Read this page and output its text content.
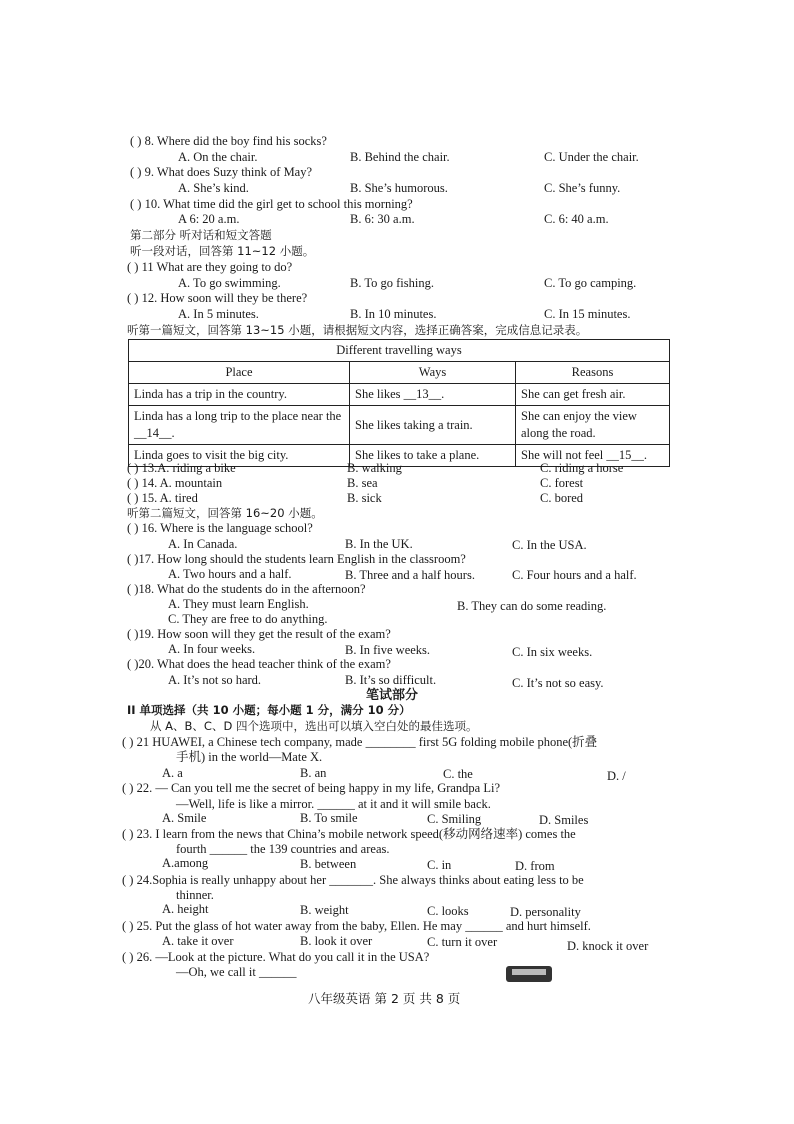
( ) 8. Where did the boy find his socks?
A. On the chair.	B. Behind the chair.	C. Under the chair.
( ) 9. What does Suzy think of May?
A. She’s kind.	B. She’s humorous.	C. She’s funny.
( ) 10. What time did the girl get to school this morning?
A 6: 20 a.m.	B. 6: 30 a.m.	C. 6: 40 a.m.
第二部分 听对话和短文答题
听一段对话，回答第 11~12 小题。
( ) 11 What are they going to do?
A. To go swimming.	B. To go fishing.	C. To go camping.
( ) 12. How soon will they be there?
A. In 5 minutes.	B. In 10 minutes.	C. In 15 minutes.
听第一篇短文，回答第 13~15 小题，请根据短文内容，选择正确答案，完成信息记录表。
Different travelling ways		
Place	Ways	Reasons
Linda has a trip in the country.	She likes __13__.	She can get fresh air.
Linda has a long trip to the place near the __14__.	She likes taking a train.	She can enjoy the view along the road.
Linda goes to visit the big city.	She likes to take a plane.	She will not feel __15__.
( ) 13.A. riding a bike	B. walking	C. riding a horse
( ) 14. A. mountain	B. sea	C. forest
( ) 15. A. tired	B. sick	C. bored
听第二篇短文，回答第 16~20 小题。
( ) 16. Where is the language school?
A. In Canada.	B. In the UK.	C. In the USA.
( )17. How long should the students learn English in the classroom?
A. Two hours and a half.	B. Three and a half hours.	C. Four hours and a half.
( )18. What do the students do in the afternoon?
A. They must learn English.	B. They can do some reading.
C. They are free to do anything.
( )19. How soon will they get the result of the exam?
A. In four weeks.	B. In five weeks.	C. In six weeks.
( )20. What does the head teacher think of the exam?
A. It’s not so hard.	B. It’s so difficult.	C. It’s not so easy.
笔试部分
II 单项选择（共 10 小题；每小题 1 分，满分 10 分）
从 A、B、C、D 四个选项中，选出可以填入空白处的最佳选项。
( ) 21 HUAWEI, a Chinese tech company, made ________ first 5G folding mobile phone(折叠
手机) in the world—Mate X.
A. a	B. an	C. the	D. /
( ) 22. — Can you tell me the secret of being happy in my life, Grandpa Li?
—Well, life is like a mirror. ______ at it and it will smile back.
A. Smile	B. To smile	C. Smiling	D. Smiles
( ) 23. I learn from the news that China’s mobile network speed(移动网络速率) comes the
fourth ______ the 139 countries and areas.
A.among	B. between	C. in	D. from
( ) 24.Sophia is really unhappy about her _______. She always thinks about eating less to be
thinner.
A. height	B. weight	C. looks	D. personality
( ) 25. Put the glass of hot water away from the baby, Ellen. He may ______ and hurt himself.
A. take it over	B. look it over	C. turn it over	D. knock it over
( ) 26. —Look at the picture. What do you call it in the USA?
—Oh, we call it ______
八年级英语 第 2 页 共 8 页
